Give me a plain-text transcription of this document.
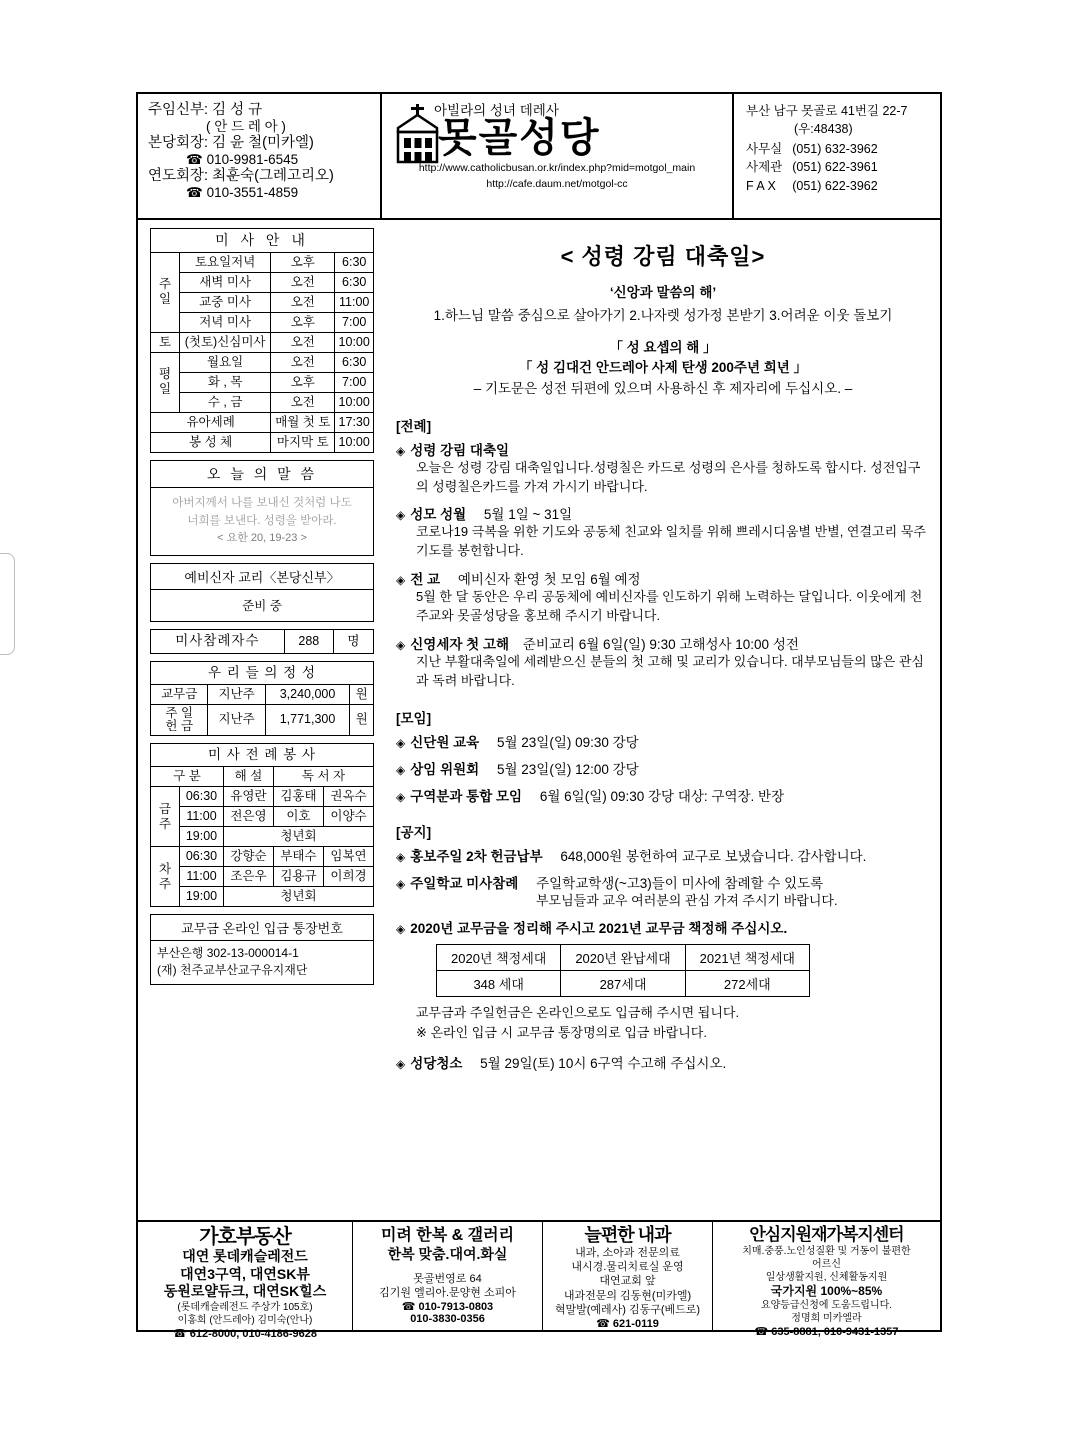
주임신부: 김 성 규
( 안 드 레 아 )
본당회장: 김 윤 철(미카엘)
☎ 010-9981-6545
연도회장: 최훈숙(그레고리오)
☎ 010-3551-4859
아빌라의 성녀 데레사
못골성당
http://www.catholicbusan.or.kr/index.php?mid=motgol_main
http://cafe.daum.net/motgol-cc
부산 남구 못골로 41번길 22-7
(우:48438)
사무실	(051) 632-3962
사제관	(051) 622-3961
F A X	(051) 622-3962
미 사 안 내			
주
일	토요일저녁	오후	6:30
	새벽 미사	오전	6:30
	교중 미사	오전	11:00
	저녁 미사	오후	7:00
토	(첫토)신심미사	오전	10:00
평
일	월요일	오전	6:30
	화 , 목	오후	7:00
	수 , 금	오전	10:00
유아세례		매월 첫 토	17:30
봉 성 체		마지막 토	10:00
오 늘 의 말 씀
아버지께서 나를 보내신 것처럼 나도
너희를 보낸다. 성령을 받아라.
< 요한 20, 19-23 >
예비신자 교리〈본당신부〉
준비 중
미사참례자수	288	명
우 리 들 의 정 성			
교무금	지난주	3,240,000	원
주 일
헌 금	지난주	1,771,300	원
미 사 전 례 봉 사				
구 분		해 설	독 서 자	
금
주	06:30	유영란	김홍태	권옥수
	11:00	전은영	이호	이양수
	19:00	청년회		
차
주	06:30	강향순	부태수	임복연
	11:00	조은우	김용규	이희경
	19:00	청년회		
교무금 온라인 입금 통장번호
부산은행 302-13-000014-1
(재) 천주교부산교구유지재단
< 성령 강림 대축일>
‘신앙과 말씀의 해’
1.하느님 말씀 중심으로 살아가기 2.나자렛 성가정 본받기 3.어려운 이웃 돌보기
「 성 요셉의 해 」
「 성 김대건 안드레아 사제 탄생 200주년 희년 」
– 기도문은 성전 뒤편에 있으며 사용하신 후 제자리에 두십시오. –
[전례]
◈ 성령 강림 대축일
오늘은 성령 강림 대축일입니다.성령칠은 카드로 성령의 은사를 청하도록 합시다. 성전입구의 성령칠은카드를 가져 가시기 바랍니다.
◈ 성모 성월 5월 1일 ~ 31일
코로나19 극복을 위한 기도와 공동체 친교와 일치를 위해 쁘레시디움별 반별, 연결고리 묵주기도를 봉헌합니다.
◈ 전 교 예비신자 환영 첫 모임 6월 예정
5월 한 달 동안은 우리 공동체에 예비신자를 인도하기 위해 노력하는 달입니다. 이웃에게 천주교와 못골성당을 홍보해 주시기 바랍니다.
◈ 신영세자 첫 고해 준비교리 6월 6일(일) 9:30 고해성사 10:00 성전
지난 부활대축일에 세례받으신 분들의 첫 고해 및 교리가 있습니다. 대부모님들의 많은 관심과 독려 바랍니다.
[모임]
◈ 신단원 교육 5월 23일(일) 09:30 강당
◈ 상임 위원회 5월 23일(일) 12:00 강당
◈ 구역분과 통합 모임 6월 6일(일) 09:30 강당 대상: 구역장. 반장
[공지]
◈ 홍보주일 2차 헌금납부 648,000원 봉헌하여 교구로 보냈습니다. 감사합니다.
◈ 주일학교 미사참례 주일학교학생(~고3)들이 미사에 참례할 수 있도록
부모님들과 교우 여러분의 관심 가져 주시기 바랍니다.
◈ 2020년 교무금을 정리해 주시고 2021년 교무금 책정해 주십시오.
2020년 책정세대	2020년 완납세대	2021년 책정세대
348 세대	287세대	272세대
교무금과 주일헌금은 온라인으로도 입금해 주시면 됩니다.
※ 온라인 입금 시 교무금 통장명의로 입금 바랍니다.
◈ 성당청소 5월 29일(토) 10시 6구역 수고해 주십시오.
가호부동산
대연 롯데캐슬레전드
대연3구역, 대연SK뷰
동원로얄듀크, 대연SK힐스
(롯데캐슬레전드 주상가 105호)
이홍희 (안드레아) 김미숙(안나)
☎ 612-8000, 010-4186-9628
미려 한복 & 갤러리
한복 맞춤.대여.화실
못골번영로 64
김기원 엘리아.문양현 소피아
☎ 010-7913-0803
010-3830-0356
늘편한 내과
내과, 소아과 전문의료
내시경.물리치료실 운영
대연교회 앞
내과전문의 김동현(미카엘)
혁말발(예레사) 김동구(베드로)
☎ 621-0119
안심지원재가복지센터
치매.중풍.노인성질환 및 거동이 불편한
어르신
일상생활지원, 신체활동지원
국가지원 100%~85%
요양등급신청에 도움드립니다.
정명희 미카엘라
☎ 635-8881, 010-9431-1357
